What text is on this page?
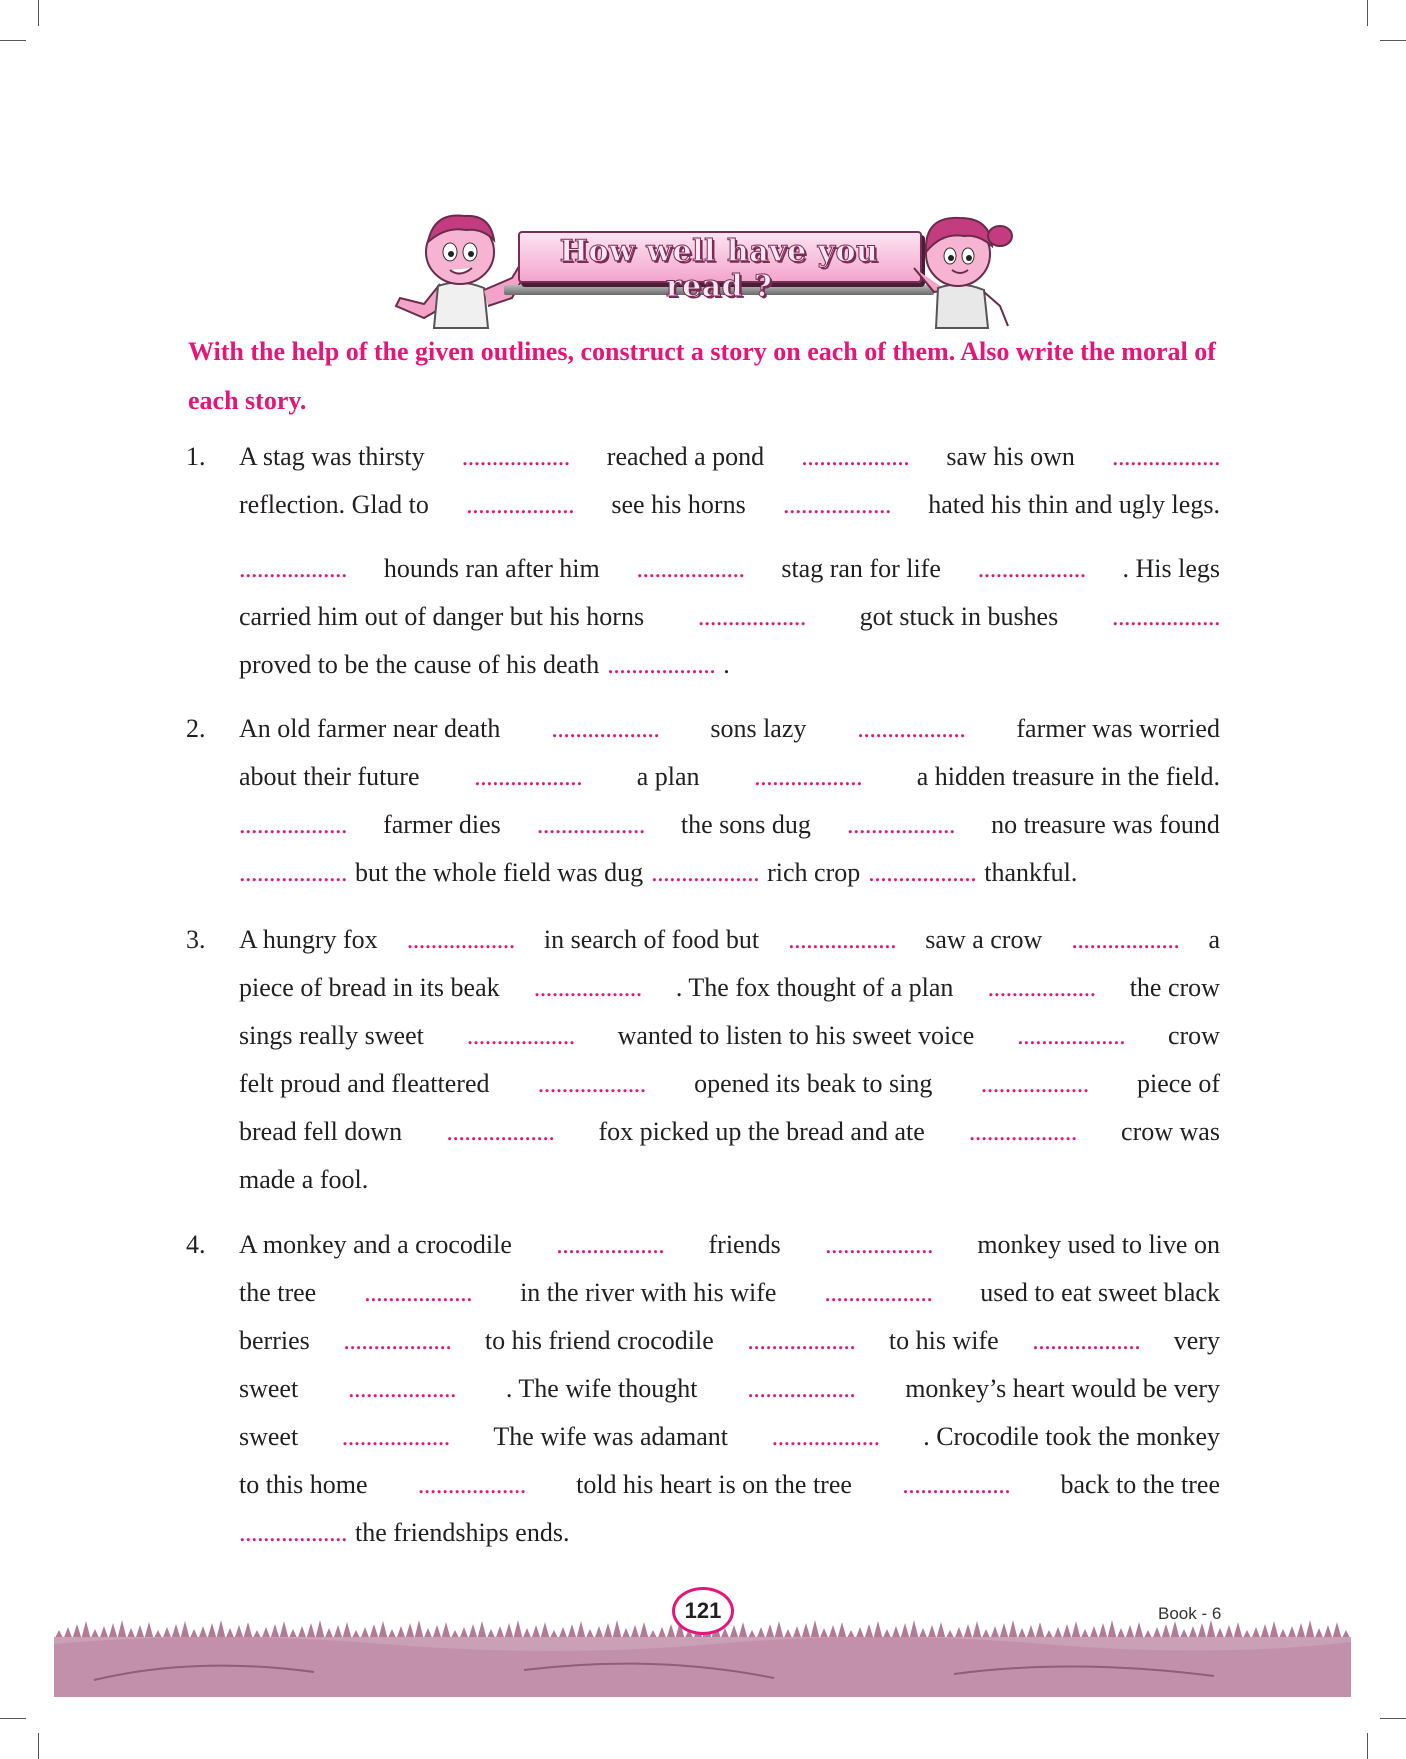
How well have you read ?
With the help of the given outlines, construct a story on each of them. Also write the moral of each story.
1.	A stag was thirsty .................. reached a pond .................. saw his own ..................
reflection. Glad to .................. see his horns .................. hated his thin and ugly legs.
.................. hounds ran after him .................. stag ran for life .................. . His legs
carried him out of danger but his horns .................. got stuck in bushes ..................
proved to be the cause of his death .................. .
2.	An old farmer near death .................. sons lazy .................. farmer was worried
about their future .................. a plan .................. a hidden treasure in the field.
.................. farmer dies .................. the sons dug .................. no treasure was found
.................. but the whole field was dug .................. rich crop .................. thankful.
3.	A hungry fox .................. in search of food but .................. saw a crow .................. a
piece of bread in its beak .................. . The fox thought of a plan .................. the crow
sings really sweet .................. wanted to listen to his sweet voice .................. crow
felt proud and fleattered .................. opened its beak to sing .................. piece of
bread fell down .................. fox picked up the bread and ate .................. crow was
made a fool.
4.	A monkey and a crocodile .................. friends .................. monkey used to live on
the tree .................. in the river with his wife .................. used to eat sweet black
berries .................. to his friend crocodile .................. to his wife .................. very
sweet .................. . The wife thought .................. monkey’s heart would be very
sweet .................. The wife was adamant .................. . Crocodile took the monkey
to this home .................. told his heart is on the tree .................. back to the tree
.................. the friendships ends.
121	Book - 6
